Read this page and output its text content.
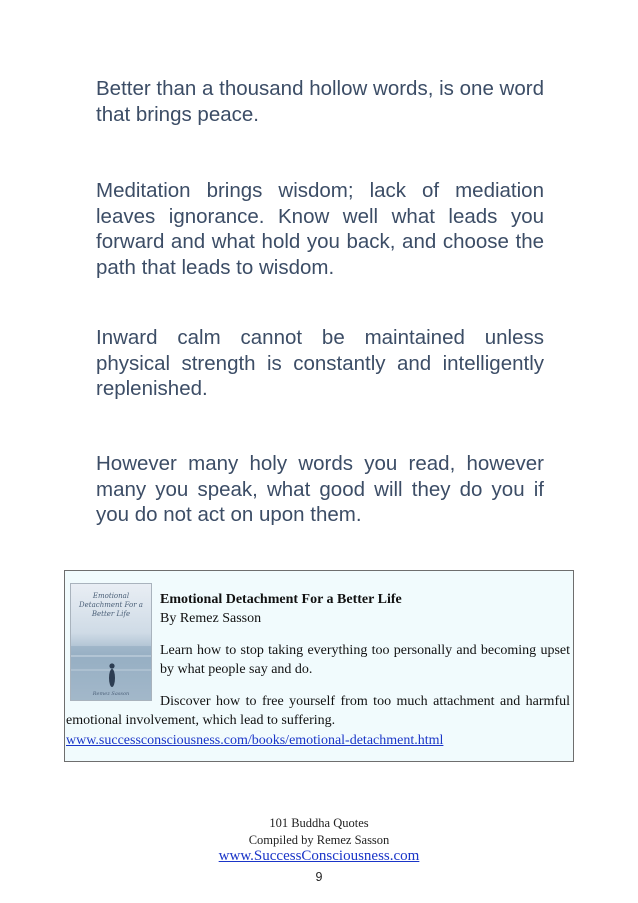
Better than a thousand hollow words, is one word that brings peace.

Meditation brings wisdom; lack of mediation leaves ignorance. Know well what leads you forward and what hold you back, and choose the path that leads to wisdom.

Inward calm cannot be maintained unless physical strength is constantly and intelligently replenished.

However many holy words you read, however many you speak, what good will they do you if you do not act on upon them.

Emotional Detachment For a Better Life
Remez Sasson
Emotional Detachment For a Better Life
By Remez Sasson
Learn how to stop taking everything too personally and becoming upset by what people say and do.
Discover how to free yourself from too much attachment and harmful emotional involvement, which lead to suffering.
www.successconsciousness.com/books/emotional-detachment.html
101 Buddha Quotes
Compiled by Remez Sasson
www.SuccessConsciousness.com
9
